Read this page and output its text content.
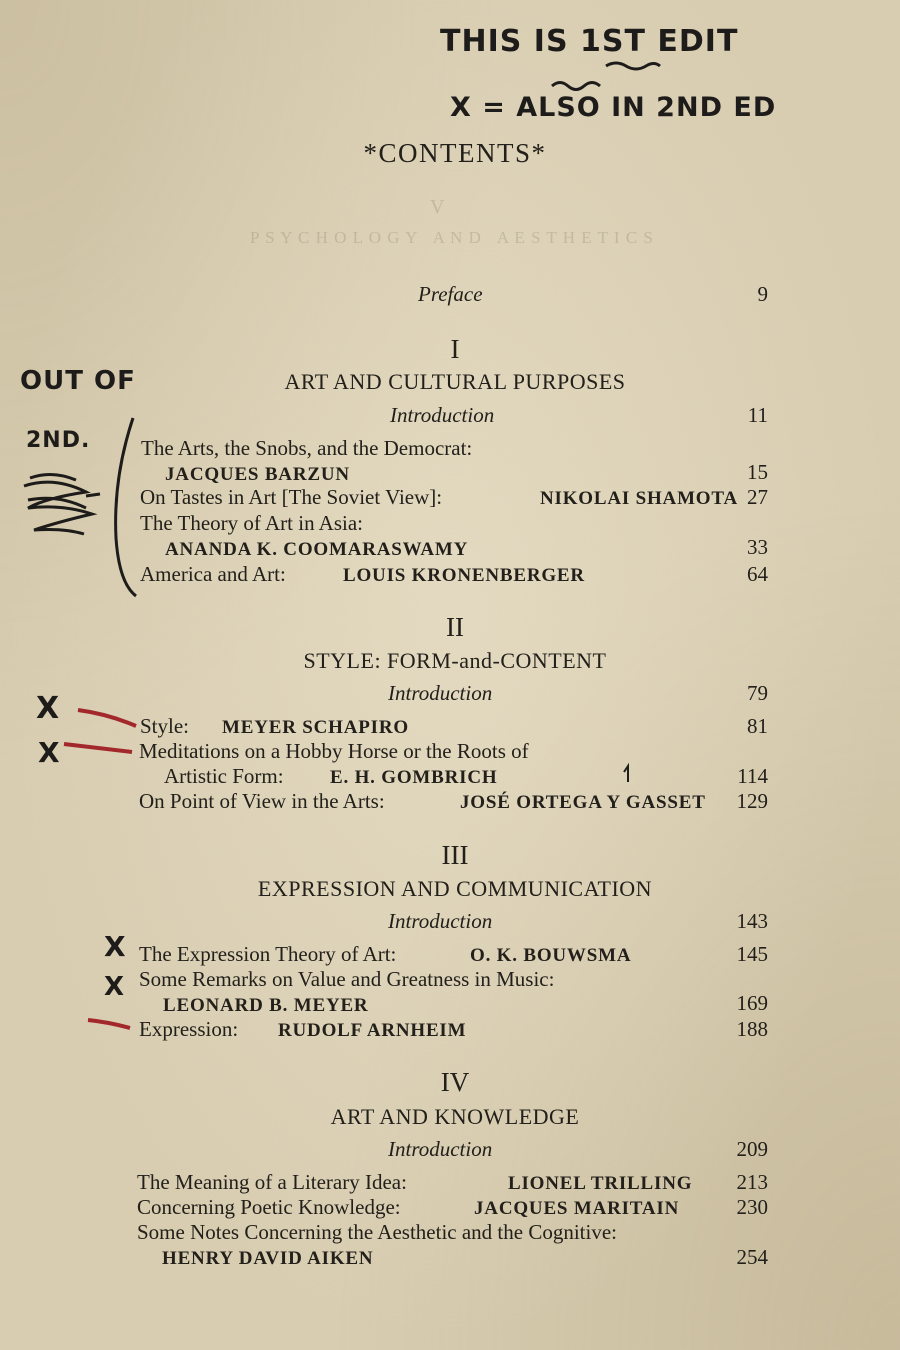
P S Y C H O L O G Y   A N D   A E S T H E T I C S
V
THIS IS 1ST EDIT
X = ALSO IN 2ND ED
OUT OF
2ND.
*CONTENTS*
Preface	9
I
ART AND CULTURAL PURPOSES
Introduction	11
The Arts, the Snobs, and the Democrat:
JACQUES BARZUN	15
On Tastes in Art [The Soviet View]:	NIKOLAI SHAMOTA 27
The Theory of Art in Asia:
ANANDA K. COOMARASWAMY	33
America and Art:	LOUIS KRONENBERGER	64
II
STYLE: FORM-and-CONTENT
Introduction	79
Style: MEYER SCHAPIRO	81
Meditations on a Hobby Horse or the Roots of
Artistic Form: E. H. GOMBRICH	114
On Point of View in the Arts:	JOSÉ ORTEGA Y GASSET 129
III
EXPRESSION AND COMMUNICATION
Introduction	143
The Expression Theory of Art:	O. K. BOUWSMA	145
Some Remarks on Value and Greatness in Music:
LEONARD B. MEYER	169
Expression: RUDOLF ARNHEIM	188
IV
ART AND KNOWLEDGE
Introduction	209
The Meaning of a Literary Idea:	LIONEL TRILLING 213
Concerning Poetic Knowledge:	JACQUES MARITAIN	230
Some Notes Concerning the Aesthetic and the Cognitive:
HENRY DAVID AIKEN	254
X
X
X
X
